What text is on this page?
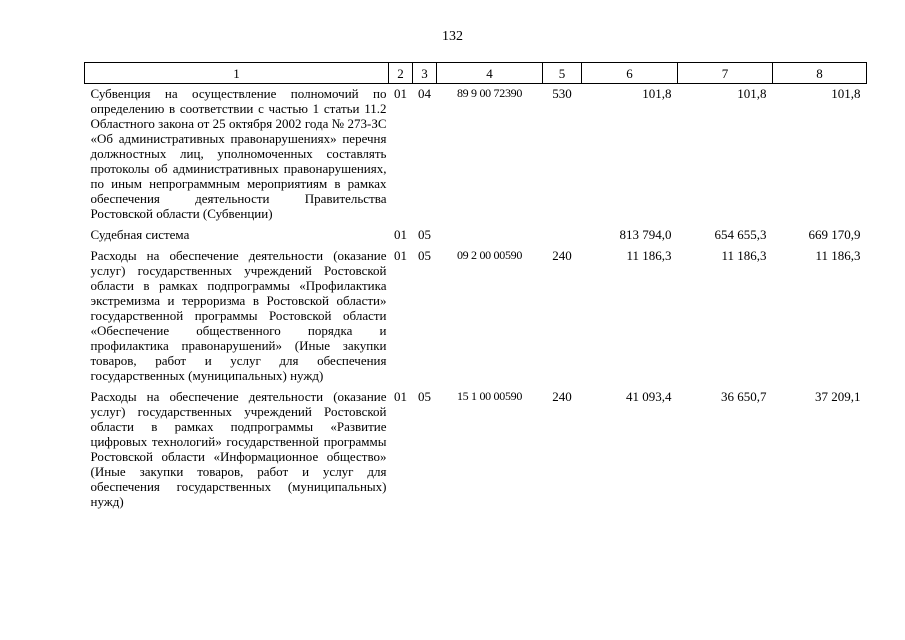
132
1	2	3	4	5	6	7	8
Субвенция на осуществление полномочий по определению в соответствии с частью 1 статьи 11.2 Областного закона от 25 октября 2002 года № 273-ЗС «Об административных правонарушениях» перечня должностных лиц, уполномоченных составлять протоколы об административных правонарушениях, по иным непрограммным мероприятиям в рамках обеспечения деятельности Правительства Ростовской области (Субвенции)	01	04	89 9 00 72390	530	101,8	101,8	101,8
Судебная система	01	05			813 794,0	654 655,3	669 170,9
Расходы на обеспечение деятельности (оказание услуг) государственных учреждений Ростовской области в рамках подпрограммы «Профилактика экстремизма и терроризма в Ростовской области» государственной программы Ростовской области «Обеспечение общественного порядка и профилактика правонарушений» (Иные закупки товаров, работ и услуг для обеспечения государственных (муниципальных) нужд)	01	05	09 2 00 00590	240	11 186,3	11 186,3	11 186,3
Расходы на обеспечение деятельности (оказание услуг) государственных учреждений Ростовской области в рамках подпрограммы «Развитие цифровых технологий» государственной программы Ростовской области «Информационное общество» (Иные закупки товаров, работ и услуг для обеспечения государственных (муниципальных) нужд)	01	05	15 1 00 00590	240	41 093,4	36 650,7	37 209,1
